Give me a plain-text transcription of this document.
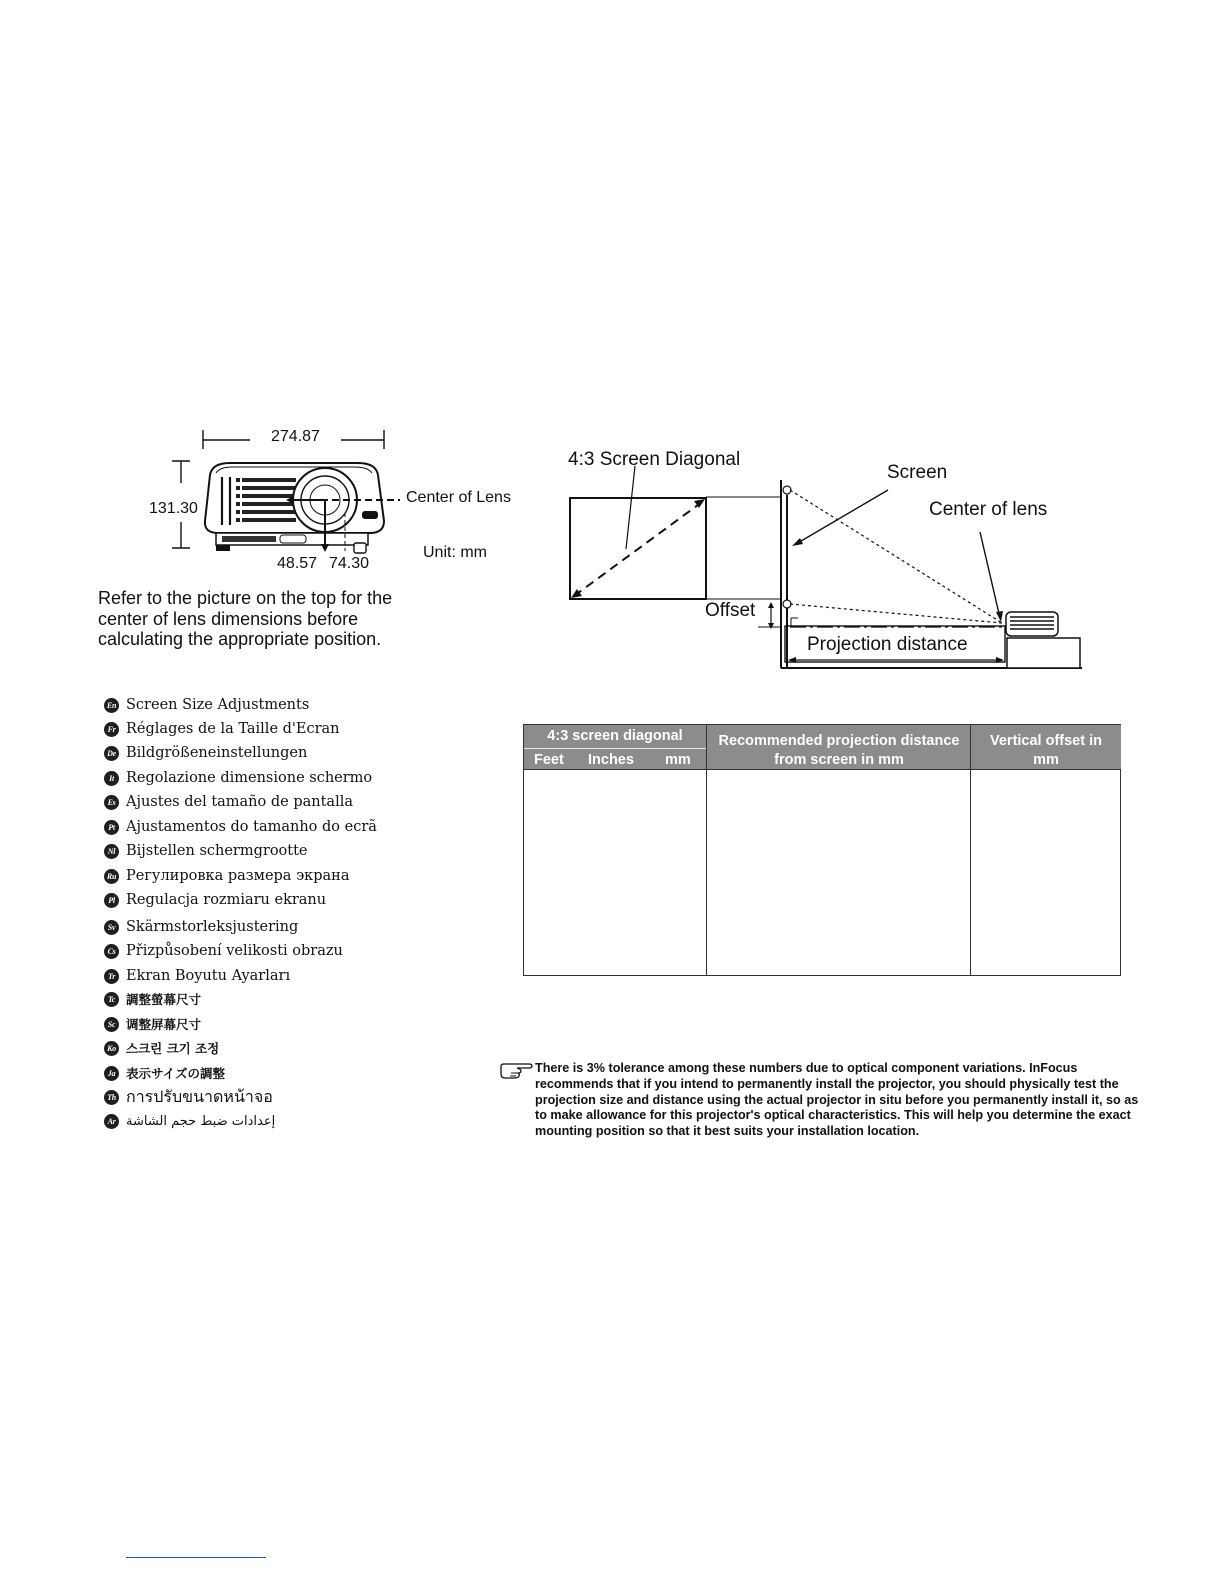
274.87
131.30
48.57 74.30
Center of Lens
Unit: mm
Refer to the picture on the top for the center of lens dimensions before calculating the appropriate position.
En Screen Size Adjustments
Fr Réglages de la Taille d'Ecran
De Bildgrößeneinstellungen
It Regolazione dimensione schermo
Es Ajustes del tamaño de pantalla
Pt Ajustamentos do tamanho do ecrã
Nl Bijstellen schermgrootte
Ru Регулировка размера экрана
Pl Regulacja rozmiaru ekranu
Sv Skärmstorleksjustering
Cs Přizpůsobení velikosti obrazu
Tr Ekran Boyutu Ayarları
Tc 調整螢幕尺寸
Sc 调整屏幕尺寸
Ko 스크린 크기 조정
Ja 表示サイズの調整
Th การปรับขนาดหน้าจอ
Ar إعدادات ضبط حجم الشاشة
4:3 Screen Diagonal
Screen
Center of lens
Offset
Projection distance
4:3 screen diagonal
Feet Inches mm
Recommended projection distance from screen in mm
Vertical offset in mm
There is 3% tolerance among these numbers due to optical component variations. InFocus recommends that if you intend to permanently install the projector, you should physically test the projection size and distance using the actual projector in situ before you permanently install it, so as to make allowance for this projector's optical characteristics. This will help you determine the exact mounting position so that it best suits your installation location.
